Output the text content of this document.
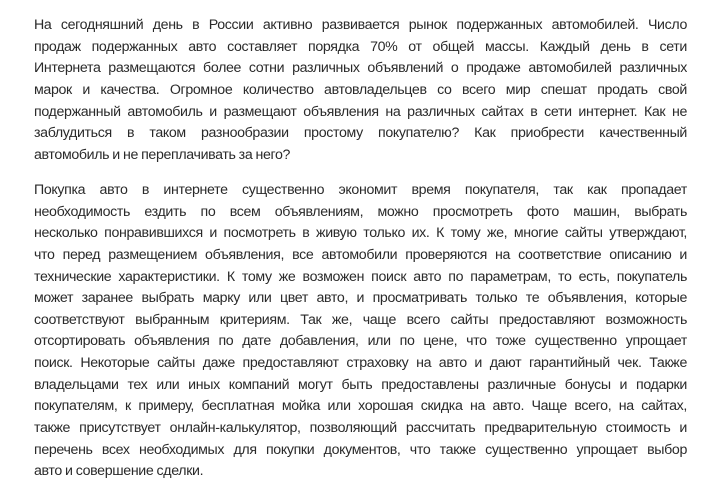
На сегодняшний день в России активно развивается рынок подержанных автомобилей. Число
продаж подержанных авто составляет порядка 70% от общей массы. Каждый день в сети
Интернета размещаются более сотни различных объявлений о продаже автомобилей различных
марок и качества. Огромное количество автовладельцев со всего мир спешат продать свой
подержанный автомобиль и размещают объявления на различных сайтах в сети интернет. Как не
заблудиться в таком разнообразии простому покупателю? Как приобрести качественный
автомобиль и не переплачивать за него?
Покупка авто в интернете существенно экономит время покупателя, так как пропадает
необходимость ездить по всем объявлениям, можно просмотреть фото машин, выбрать
несколько понравившихся и посмотреть в живую только их. К тому же, многие сайты утверждают,
что перед размещением объявления, все автомобили проверяются на соответствие описанию и
технические характеристики. К тому же возможен поиск авто по параметрам, то есть, покупатель
может заранее выбрать марку или цвет авто, и просматривать только те объявления, которые
соответствуют выбранным критериям. Так же, чаще всего сайты предоставляют возможность
отсортировать объявления по дате добавления, или по цене, что тоже существенно упрощает
поиск. Некоторые сайты даже предоставляют страховку на авто и дают гарантийный чек. Также
владельцами тех или иных компаний могут быть предоставлены различные бонусы и подарки
покупателям, к примеру, бесплатная мойка или хорошая скидка на авто. Чаще всего, на сайтах,
также присутствует онлайн-калькулятор, позволяющий рассчитать предварительную стоимость и
перечень всех необходимых для покупки документов, что также существенно упрощает выбор
авто и совершение сделки.
